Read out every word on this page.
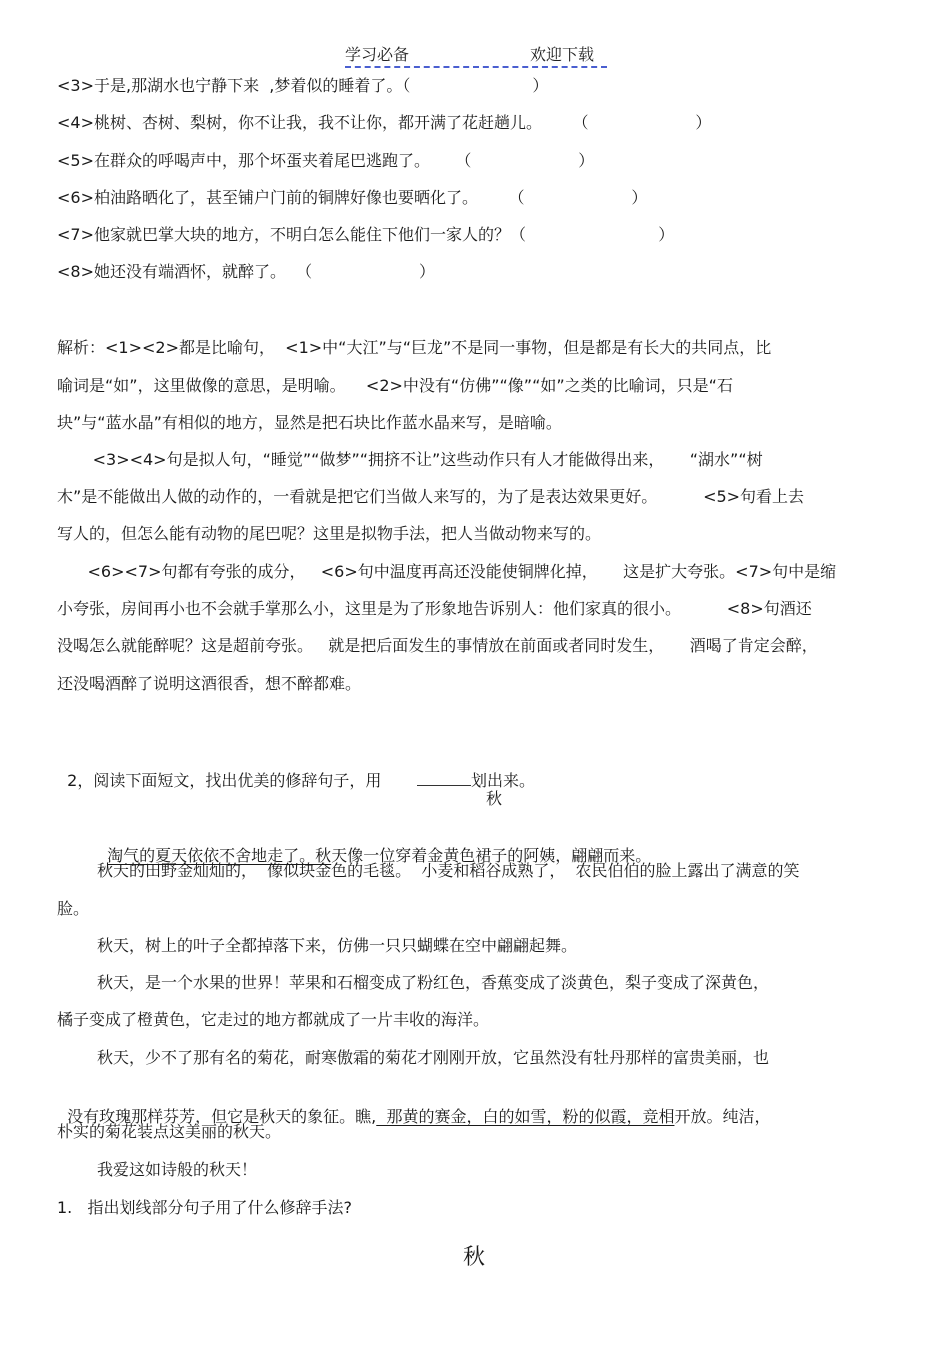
学习必备	欢迎下载
<3>于是,那湖水也宁静下来  ,梦着似的睡着了。（                        ）
<4>桃树、杏树、梨树，你不让我，我不让你，都开满了花赶趟儿。      （                     ）
<5>在群众的呼喝声中，那个坏蛋夹着尾巴逃跑了。     （                     ）
<6>柏油路晒化了，甚至铺户门前的铜牌好像也要晒化了。      （                     ）
<7>他家就巴掌大块的地方，不明白怎么能住下他们一家人的？（                          ）
<8>她还没有端酒怀，就醉了。  （                     ）
解析：<1><2>都是比喻句，  <1>中“大江”与“巨龙”不是同一事物，但是都是有长大的共同点，比
喻词是“如”，这里做像的意思，是明喻。    <2>中没有“仿佛”“像”“如”之类的比喻词，只是“石
块”与“蓝水晶”有相似的地方，显然是把石块比作蓝水晶来写，是暗喻。
<3><4>句是拟人句，“睡觉”“做梦”“拥挤不让”这些动作只有人才能做得出来，     “湖水”“树
木”是不能做出人做的动作的，一看就是把它们当做人来写的，为了是表达效果更好。         <5>句看上去
写人的，但怎么能有动物的尾巴呢？这里是拟物手法，把人当做动物来写的。
<6><7>句都有夸张的成分，   <6>句中温度再高还没能使铜牌化掉，     这是扩大夸张。<7>句中是缩
小夸张，房间再小也不会就手掌那么小，这里是为了形象地告诉别人：他们家真的很小。         <8>句酒还
没喝怎么就能醉呢？这是超前夸张。   就是把后面发生的事情放在前面或者同时发生，     酒喝了肯定会醉，
还没喝酒醉了说明这酒很香，想不醉都难。

2，阅读下面短文，找出优美的修辞句子，用	划出来。

秋

淘气的夏天依依不舍地走了。秋天像一位穿着金黄色裙子的阿姨，翩翩而来。

秋天的田野金灿灿的，  像似块金色的毛毯。  小麦和稻谷成熟了，  农民伯伯的脸上露出了满意的笑
脸。
秋天，树上的叶子全都掉落下来，仿佛一只只蝴蝶在空中翩翩起舞。
秋天，是一个水果的世界！苹果和石榴变成了粉红色，香蕉变成了淡黄色，梨子变成了深黄色，
橘子变成了橙黄色，它走过的地方都就成了一片丰收的海洋。
秋天，少不了那有名的菊花，耐寒傲霜的菊花才刚刚开放，它虽然没有牡丹那样的富贵美丽，也

没有玫瑰那样芬芳，但它是秋天的象征。瞧,  那黄的赛金，白的如雪，粉的似霞，竞相开放。纯洁，

朴实的菊花装点这美丽的秋天。
我爱这如诗般的秋天！
1.   指出划线部分句子用了什么修辞手法?
秋
